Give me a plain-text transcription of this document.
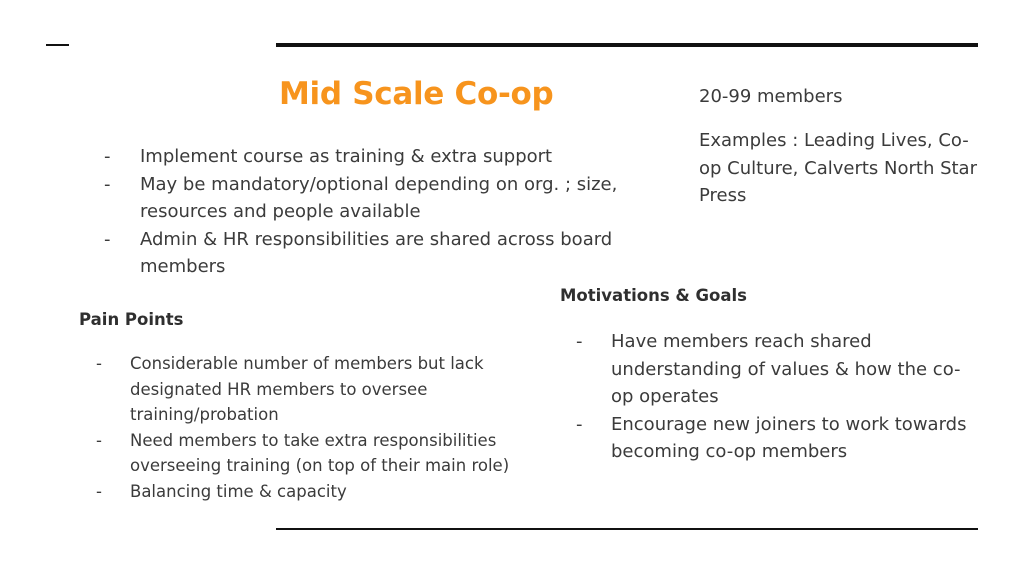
Mid Scale Co-op	20-99 members
Examples : Leading Lives, Co-op Culture, Calverts North Star Press
- Implement course as training & extra support
- May be mandatory/optional depending on org. ; size, resources and people available
- Admin & HR responsibilities are shared across board members
Motivations & Goals
Pain Points
- Considerable number of members but lack designated HR members to oversee training/probation
- Need members to take extra responsibilities overseeing training (on top of their main role)
- Balancing time & capacity
- Have members reach shared understanding of values & how the co-op operates
- Encourage new joiners to work towards becoming co-op members
